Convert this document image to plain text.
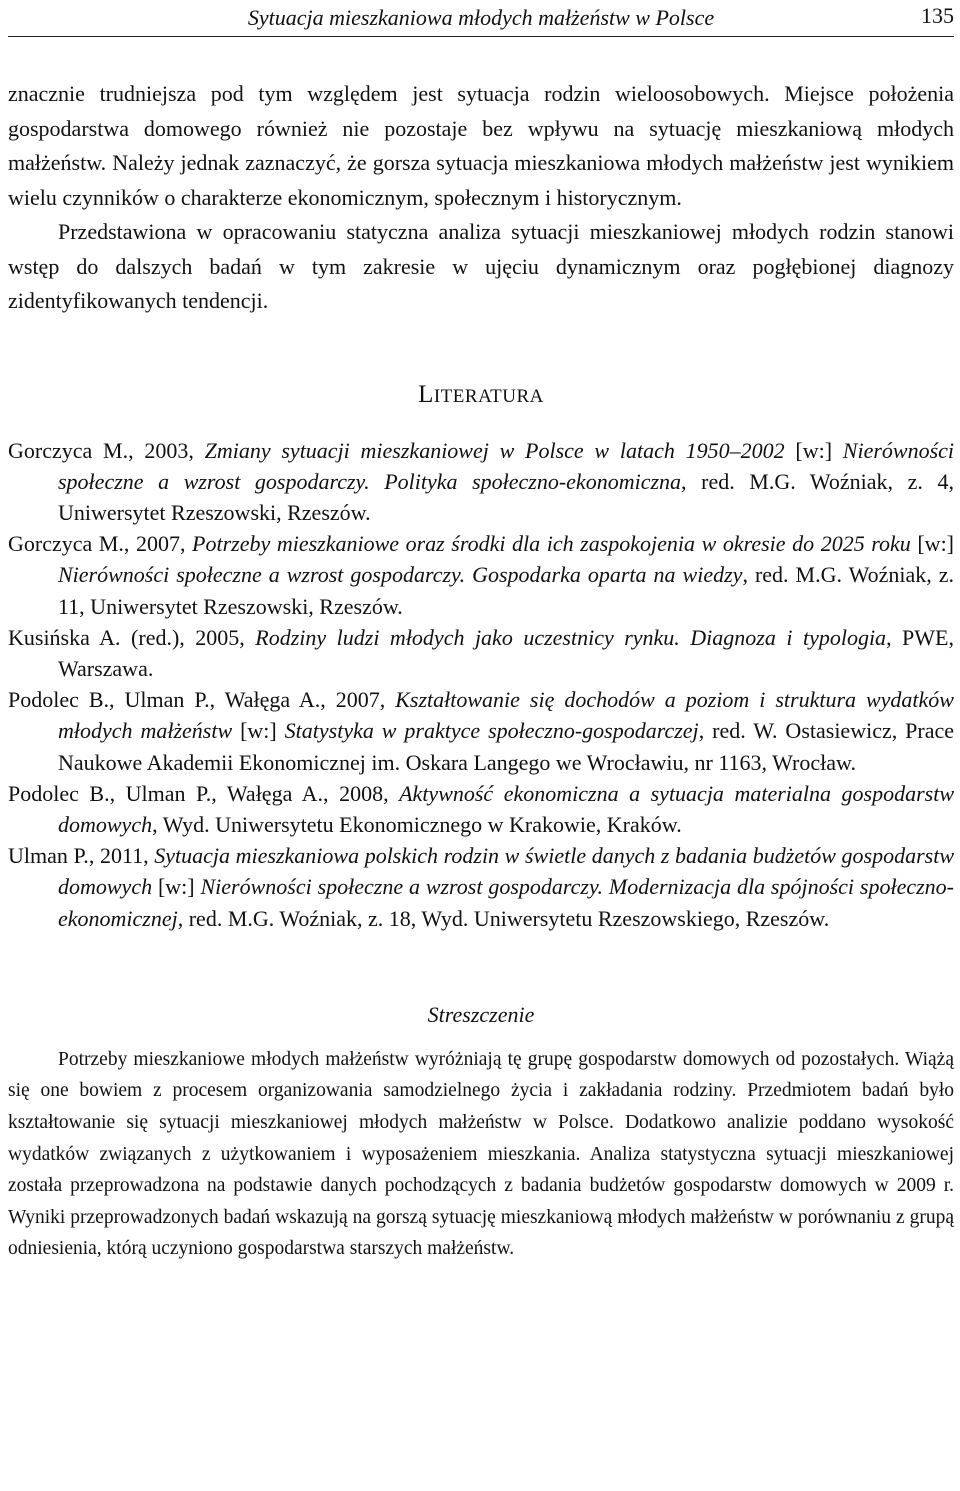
Sytuacja mieszkaniowa młodych małżeństw w Polsce	135

znacznie trudniejsza pod tym względem jest sytuacja rodzin wieloosobowych. Miejsce położenia gospodarstwa domowego również nie pozostaje bez wpływu na sytuację mieszkaniową młodych małżeństw. Należy jednak zaznaczyć, że gorsza sytuacja mieszkaniowa młodych małżeństw jest wynikiem wielu czynników o charakterze ekonomicznym, społecznym i historycznym.

Przedstawiona w opracowaniu statyczna analiza sytuacji mieszkaniowej młodych rodzin stanowi wstęp do dalszych badań w tym zakresie w ujęciu dynamicznym oraz pogłębionej diagnozy zidentyfikowanych tendencji.

LITERATURA

Gorczyca M., 2003, Zmiany sytuacji mieszkaniowej w Polsce w latach 1950–2002 [w:] Nierówności społeczne a wzrost gospodarczy. Polityka społeczno-ekonomiczna, red. M.G. Woźniak, z. 4, Uniwersytet Rzeszowski, Rzeszów.

Gorczyca M., 2007, Potrzeby mieszkaniowe oraz środki dla ich zaspokojenia w okresie do 2025 roku [w:] Nierówności społeczne a wzrost gospodarczy. Gospodarka oparta na wiedzy, red. M.G. Woźniak, z. 11, Uniwersytet Rzeszowski, Rzeszów.

Kusińska A. (red.), 2005, Rodziny ludzi młodych jako uczestnicy rynku. Diagnoza i typologia, PWE, Warszawa.

Podolec B., Ulman P., Wałęga A., 2007, Kształtowanie się dochodów a poziom i struktura wydatków młodych małżeństw [w:] Statystyka w praktyce społeczno-gospodarczej, red. W. Ostasiewicz, Prace Naukowe Akademii Ekonomicznej im. Oskara Langego we Wrocławiu, nr 1163, Wrocław.

Podolec B., Ulman P., Wałęga A., 2008, Aktywność ekonomiczna a sytuacja materialna gospodarstw domowych, Wyd. Uniwersytetu Ekonomicznego w Krakowie, Kraków.

Ulman P., 2011, Sytuacja mieszkaniowa polskich rodzin w świetle danych z badania budżetów gospodarstw domowych [w:] Nierówności społeczne a wzrost gospodarczy. Modernizacja dla spójności społeczno-ekonomicznej, red. M.G. Woźniak, z. 18, Wyd. Uniwersytetu Rzeszowskiego, Rzeszów.

Streszczenie

Potrzeby mieszkaniowe młodych małżeństw wyróżniają tę grupę gospodarstw domowych od pozostałych. Wiążą się one bowiem z procesem organizowania samodzielnego życia i zakładania rodziny. Przedmiotem badań było kształtowanie się sytuacji mieszkaniowej młodych małżeństw w Polsce. Dodatkowo analizie poddano wysokość wydatków związanych z użytkowaniem i wyposażeniem mieszkania. Analiza statystyczna sytuacji mieszkaniowej została przeprowadzona na podstawie danych pochodzących z badania budżetów gospodarstw domowych w 2009 r. Wyniki przeprowadzonych badań wskazują na gorszą sytuację mieszkaniową młodych małżeństw w porównaniu z grupą odniesienia, którą uczyniono gospodarstwa starszych małżeństw.
